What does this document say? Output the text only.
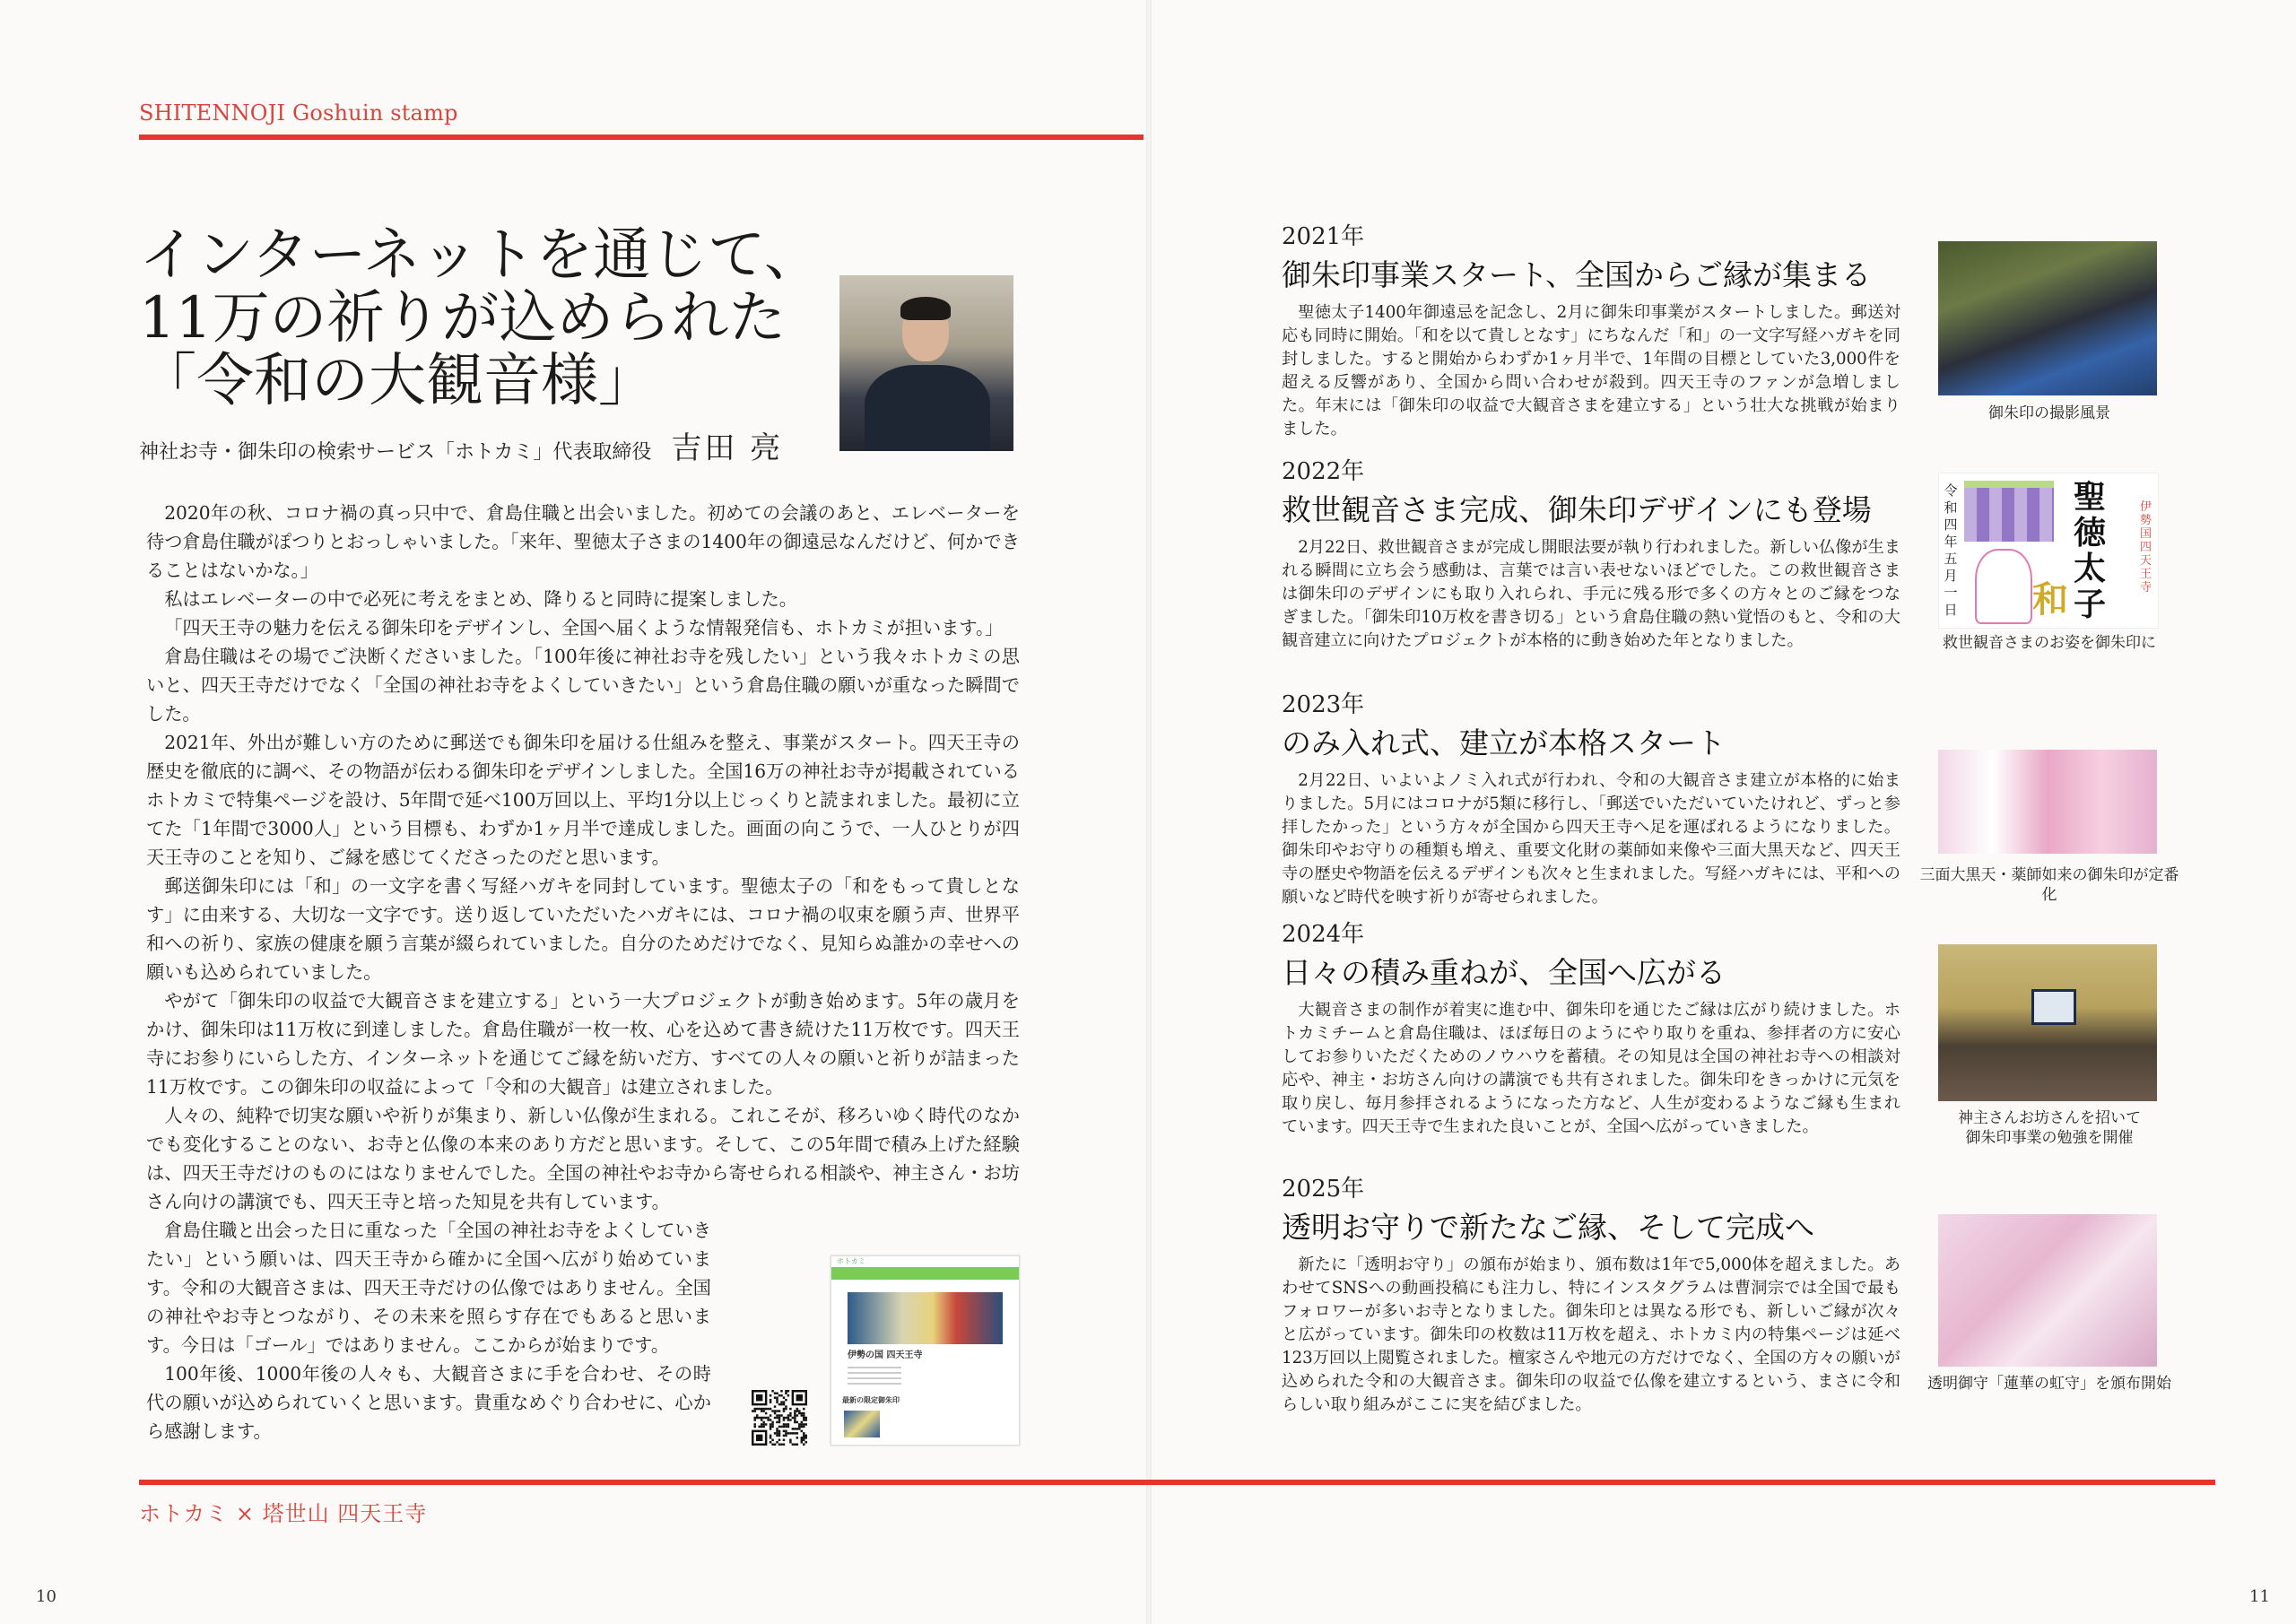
SHITENNOJI Goshuin stamp
インターネットを通じて、
11万の祈りが込められた
「令和の大観音様」
神社お寺・御朱印の検索サービス「ホトカミ」代表取締役 吉田 亮

2020年の秋、コロナ禍の真っ只中で、倉島住職と出会いました。初めての会議のあと、エレベーターを待つ倉島住職がぽつりとおっしゃいました。「来年、聖徳太子さまの1400年の御遠忌なんだけど、何かできることはないかな。」

私はエレベーターの中で必死に考えをまとめ、降りると同時に提案しました。

「四天王寺の魅力を伝える御朱印をデザインし、全国へ届くような情報発信も、ホトカミが担います。」

倉島住職はその場でご決断くださいました。「100年後に神社お寺を残したい」という我々ホトカミの思いと、四天王寺だけでなく「全国の神社お寺をよくしていきたい」という倉島住職の願いが重なった瞬間でした。

2021年、外出が難しい方のために郵送でも御朱印を届ける仕組みを整え、事業がスタート。四天王寺の歴史を徹底的に調べ、その物語が伝わる御朱印をデザインしました。全国16万の神社お寺が掲載されているホトカミで特集ページを設け、5年間で延べ100万回以上、平均1分以上じっくりと読まれました。最初に立てた「1年間で3000人」という目標も、わずか1ヶ月半で達成しました。画面の向こうで、一人ひとりが四天王寺のことを知り、ご縁を感じてくださったのだと思います。

郵送御朱印には「和」の一文字を書く写経ハガキを同封しています。聖徳太子の「和をもって貴しとなす」に由来する、大切な一文字です。送り返していただいたハガキには、コロナ禍の収束を願う声、世界平和への祈り、家族の健康を願う言葉が綴られていました。自分のためだけでなく、見知らぬ誰かの幸せへの願いも込められていました。

やがて「御朱印の収益で大観音さまを建立する」という一大プロジェクトが動き始めます。5年の歳月をかけ、御朱印は11万枚に到達しました。倉島住職が一枚一枚、心を込めて書き続けた11万枚です。四天王寺にお参りにいらした方、インターネットを通じてご縁を紡いだ方、すべての人々の願いと祈りが詰まった11万枚です。この御朱印の収益によって「令和の大観音」は建立されました。

人々の、純粋で切実な願いや祈りが集まり、新しい仏像が生まれる。これこそが、移ろいゆく時代のなかでも変化することのない、お寺と仏像の本来のあり方だと思います。そして、この5年間で積み上げた経験は、四天王寺だけのものにはなりませんでした。全国の神社やお寺から寄せられる相談や、神主さん・お坊さん向けの講演でも、四天王寺と培った知見を共有しています。

倉島住職と出会った日に重なった「全国の神社お寺をよくしていきたい」という願いは、四天王寺から確かに全国へ広がり始めています。令和の大観音さまは、四天王寺だけの仏像ではありません。全国の神社やお寺とつながり、その未来を照らす存在でもあると思います。今日は「ゴール」ではありません。ここからが始まりです。

100年後、1000年後の人々も、大観音さまに手を合わせ、その時代の願いが込められていくと思います。貴重なめぐり合わせに、心から感謝します。

ホトカミ
伊勢の国 四天王寺
最新の限定御朱印
2021年
御朱印事業スタート、全国からご縁が集まる

聖徳太子1400年御遠忌を記念し、2月に御朱印事業がスタートしました。郵送対応も同時に開始。「和を以て貴しとなす」にちなんだ「和」の一文字写経ハガキを同封しました。すると開始からわずか1ヶ月半で、1年間の目標としていた3,000件を超える反響があり、全国から問い合わせが殺到。四天王寺のファンが急増しました。年末には「御朱印の収益で大観音さまを建立する」という壮大な挑戦が始まりました。

2022年
救世観音さま完成、御朱印デザインにも登場

2月22日、救世観音さまが完成し開眼法要が執り行われました。新しい仏像が生まれる瞬間に立ち会う感動は、言葉では言い表せないほどでした。この救世観音さまは御朱印のデザインにも取り入れられ、手元に残る形で多くの方々とのご縁をつなぎました。「御朱印10万枚を書き切る」という倉島住職の熱い覚悟のもと、令和の大観音建立に向けたプロジェクトが本格的に動き始めた年となりました。

2023年
のみ入れ式、建立が本格スタート

2月22日、いよいよノミ入れ式が行われ、令和の大観音さま建立が本格的に始まりました。5月にはコロナが5類に移行し、「郵送でいただいていたけれど、ずっと参拝したかった」という方々が全国から四天王寺へ足を運ばれるようになりました。御朱印やお守りの種類も増え、重要文化財の薬師如来像や三面大黒天など、四天王寺の歴史や物語を伝えるデザインも次々と生まれました。写経ハガキには、平和への願いなど時代を映す祈りが寄せられました。

2024年
日々の積み重ねが、全国へ広がる

大観音さまの制作が着実に進む中、御朱印を通じたご縁は広がり続けました。ホトカミチームと倉島住職は、ほぼ毎日のようにやり取りを重ね、参拝者の方に安心してお参りいただくためのノウハウを蓄積。その知見は全国の神社お寺への相談対応や、神主・お坊さん向けの講演でも共有されました。御朱印をきっかけに元気を取り戻し、毎月参拝されるようになった方など、人生が変わるようなご縁も生まれています。四天王寺で生まれた良いことが、全国へ広がっていきました。

2025年
透明お守りで新たなご縁、そして完成へ

新たに「透明お守り」の頒布が始まり、頒布数は1年で5,000体を超えました。あわせてSNSへの動画投稿にも注力し、特にインスタグラムは曹洞宗では全国で最もフォロワーが多いお寺となりました。御朱印とは異なる形でも、新しいご縁が次々と広がっています。御朱印の枚数は11万枚を超え、ホトカミ内の特集ページは延べ123万回以上閲覧されました。檀家さんや地元の方だけでなく、全国の方々の願いが込められた令和の大観音さま。御朱印の収益で仏像を建立するという、まさに令和らしい取り組みがここに実を結びました。

御朱印の撮影風景
令和四年五月一日
聖徳太子
和
伊勢国 四天王寺
救世観音さまのお姿を御朱印に
三面大黒天・薬師如来の御朱印が定番化
神主さんお坊さんを招いて
御朱印事業の勉強を開催
透明御守「蓮華の虹守」を頒布開始
ホトカミ × 塔世山 四天王寺
10	11
